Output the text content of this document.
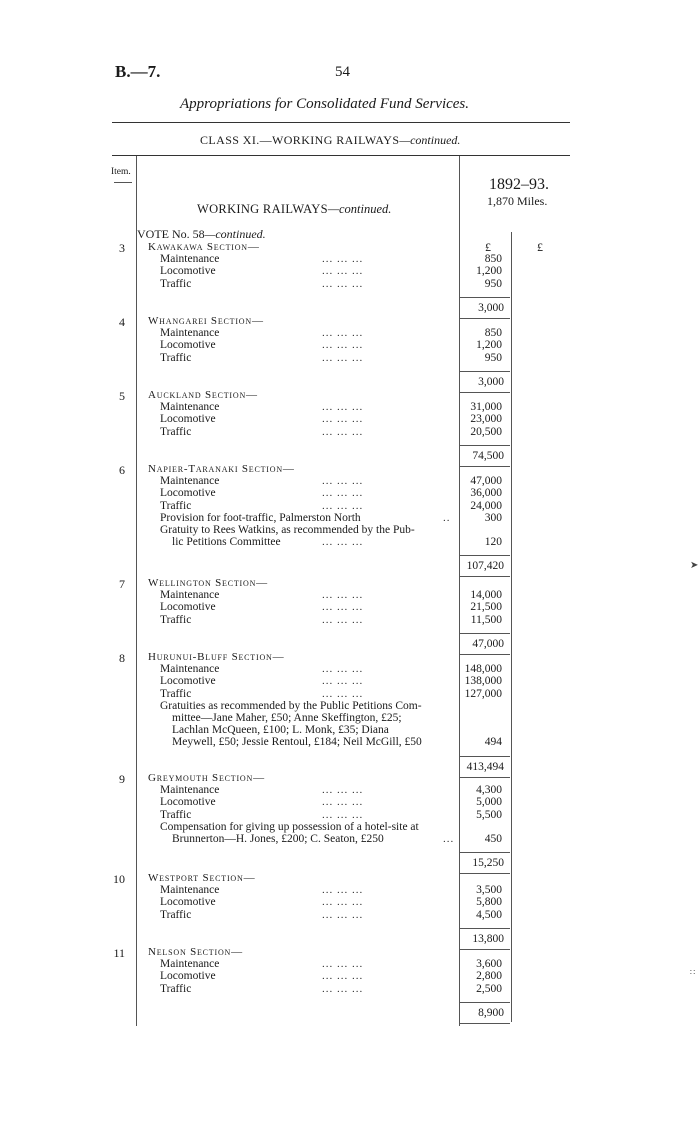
B.—7.	54
Appropriations for Consolidated Fund Services.
CLASS XI.—WORKING RAILWAYS—continued.
Item.
1892–93.
1,870 Miles.
WORKING RAILWAYS—continued.
VOTE No. 58—continued.
£	£
3 Kawakawa Section—
Maintenance	... ... ...	850
Locomotive	... ... ...	1,200
Traffic	... ... ...	950
3,000
4 Whangarei Section—
Maintenance	... ... ...	850
Locomotive	... ... ...	1,200
Traffic	... ... ...	950
3,000
5 Auckland Section—
Maintenance	... ... ...	31,000
Locomotive	... ... ...	23,000
Traffic	... ... ...	20,500
74,500
6 Napier-Taranaki Section—
Maintenance	... ... ...	47,000
Locomotive	... ... ...	36,000
Traffic	... ... ...	24,000
Provision for foot-traffic, Palmerston North	..	300
Gratuity to Rees Watkins, as recommended by the Pub-
lic Petitions Committee	... ... ...	120
107,420
7 Wellington Section—
Maintenance	... ... ...	14,000
Locomotive	... ... ...	21,500
Traffic	... ... ...	11,500
47,000
8 Hurunui-Bluff Section—
Maintenance	... ... ...	148,000
Locomotive	... ... ...	138,000
Traffic	... ... ...	127,000
Gratuities as recommended by the Public Petitions Com-
mittee—Jane Maher, £50; Anne Skeffington, £25;
Lachlan McQueen, £100; L. Monk, £35; Diana
Meywell, £50; Jessie Rentoul, £184; Neil McGill, £50	494
413,494
9 Greymouth Section—
Maintenance	... ... ...	4,300
Locomotive	... ... ...	5,000
Traffic	... ... ...	5,500
Compensation for giving up possession of a hotel-site at
Brunnerton—H. Jones, £200; C. Seaton, £250	...	450
15,250
10 Westport Section—
Maintenance	... ... ...	3,500
Locomotive	... ... ...	5,800
Traffic	... ... ...	4,500
13,800
11 Nelson Section—
Maintenance	... ... ...	3,600
Locomotive	... ... ...	2,800
Traffic	... ... ...	2,500
8,900
➤
∷
